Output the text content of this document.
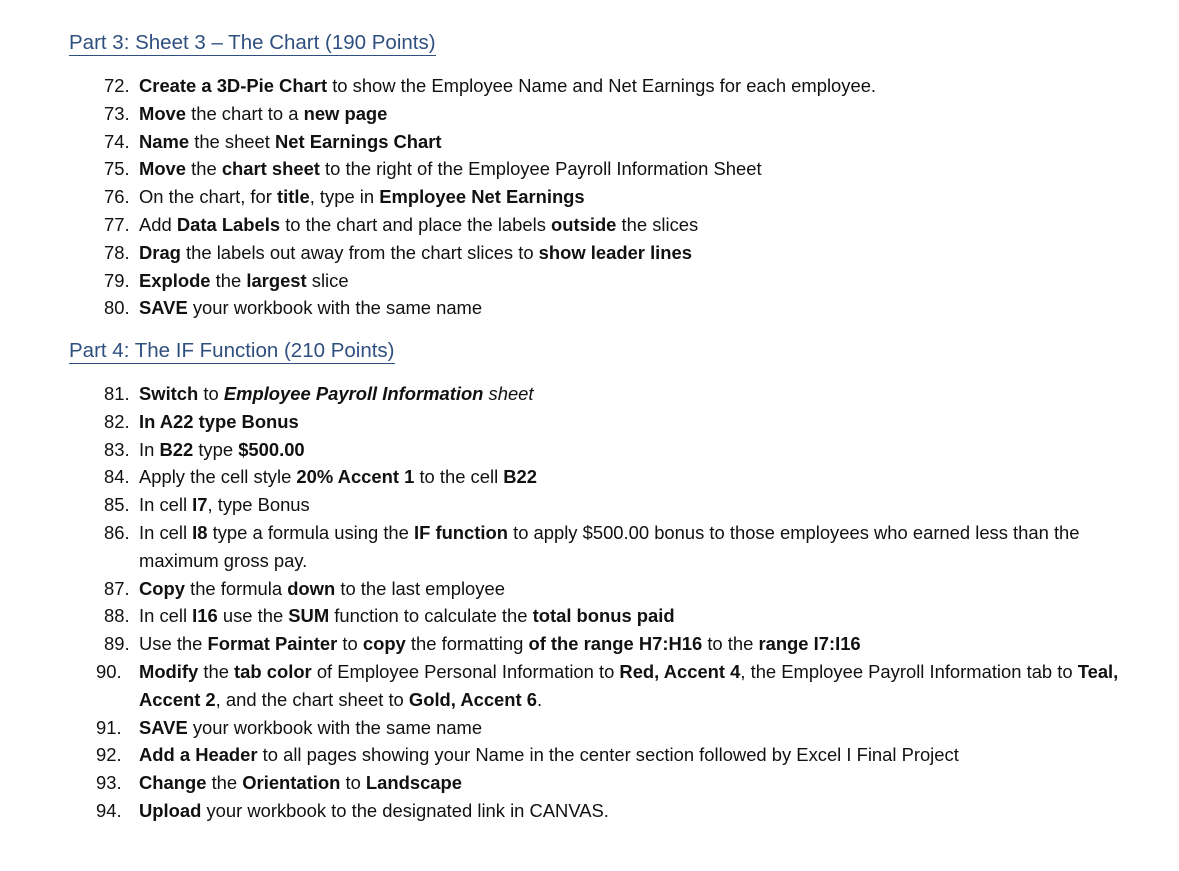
Part 3: Sheet 3 – The Chart (190 Points)
72. Create a 3D-Pie Chart to show the Employee Name and Net Earnings for each employee.
73. Move the chart to a new page
74. Name the sheet Net Earnings Chart
75. Move the chart sheet to the right of the Employee Payroll Information Sheet
76. On the chart, for title, type in Employee Net Earnings
77. Add Data Labels to the chart and place the labels outside the slices
78. Drag the labels out away from the chart slices to show leader lines
79. Explode the largest slice
80. SAVE your workbook with the same name
Part 4: The IF Function (210 Points)
81. Switch to Employee Payroll Information sheet
82. In A22 type Bonus
83. In B22 type $500.00
84. Apply the cell style 20% Accent 1 to the cell B22
85. In cell I7, type Bonus
86. In cell I8 type a formula using the IF function to apply $500.00 bonus to those employees who earned less than the maximum gross pay.
87. Copy the formula down to the last employee
88. In cell I16 use the SUM function to calculate the total bonus paid
89. Use the Format Painter to copy the formatting of the range H7:H16 to the range I7:I16
90. Modify the tab color of Employee Personal Information to Red, Accent 4, the Employee Payroll Information tab to Teal, Accent 2, and the chart sheet to Gold, Accent 6.
91. SAVE your workbook with the same name
92. Add a Header to all pages showing your Name in the center section followed by Excel I Final Project
93. Change the Orientation to Landscape
94. Upload your workbook to the designated link in CANVAS.
